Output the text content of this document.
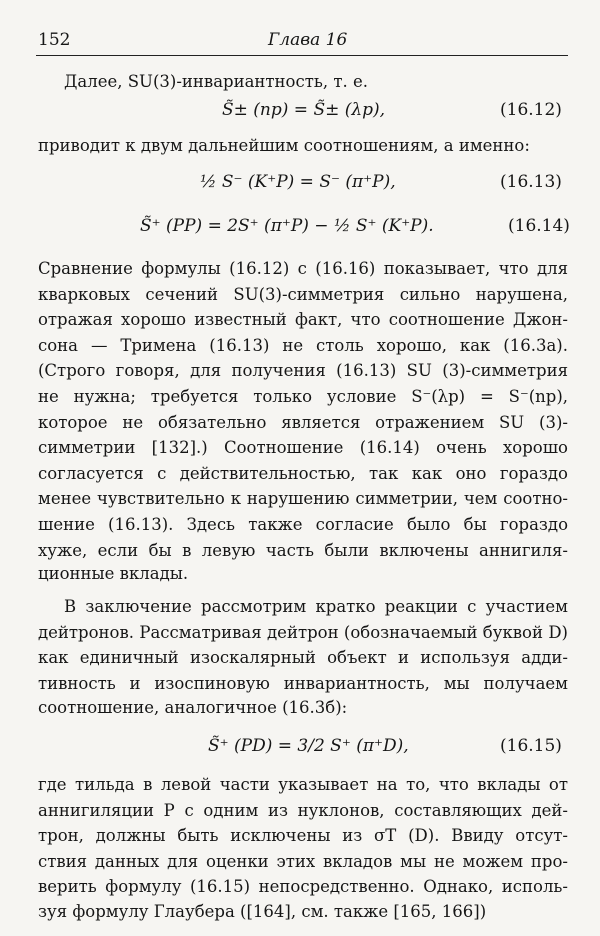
152	Глава 16
Далее, SU(3)-инвариантность, т. е.
S̃± (np) = S̃± (λp),	(16.12)
приводит к двум дальнейшим соотношениям, а именно:
½ S⁻ (K⁺P) = S⁻ (π⁺P),	(16.13)
S̃⁺ (PP) = 2S⁺ (π⁺P) − ½ S⁺ (K⁺P).	(16.14)
Сравнение формулы (16.12) с (16.16) показывает, что для
кварковых сечений SU(3)-симметрия сильно нарушена,
отражая хорошо известный факт, что соотношение Джон-
сона — Тримена (16.13) не столь хорошо, как (16.3а).
(Строго говоря, для получения (16.13) SU (3)-симметрия
не нужна; требуется только условие S⁻(λp) = S⁻(np),
которое не обязательно является отражением SU (3)-
симметрии [132].) Соотношение (16.14) очень хорошо
согласуется с действительностью, так как оно гораздо
менее чувствительно к нарушению симметрии, чем соотно-
шение (16.13). Здесь также согласие было бы гораздо
хуже, если бы в левую часть были включены аннигиля-
ционные вклады.
В заключение рассмотрим кратко реакции с участием
дейтронов. Рассматривая дейтрон (обозначаемый буквой D)
как единичный изоскалярный объект и используя адди-
тивность и изоспиновую инвариантность, мы получаем
соотношение, аналогичное (16.3б):
S̃⁺ (PD) = 3/2 S⁺ (π⁺D),	(16.15)
где тильда в левой части указывает на то, что вклады от
аннигиляции P с одним из нуклонов, составляющих дей-
трон, должны быть исключены из σT (D). Ввиду отсут-
ствия данных для оценки этих вкладов мы не можем про-
верить формулу (16.15) непосредственно. Однако, исполь-
зуя формулу Глаубера ([164], см. также [165, 166])
